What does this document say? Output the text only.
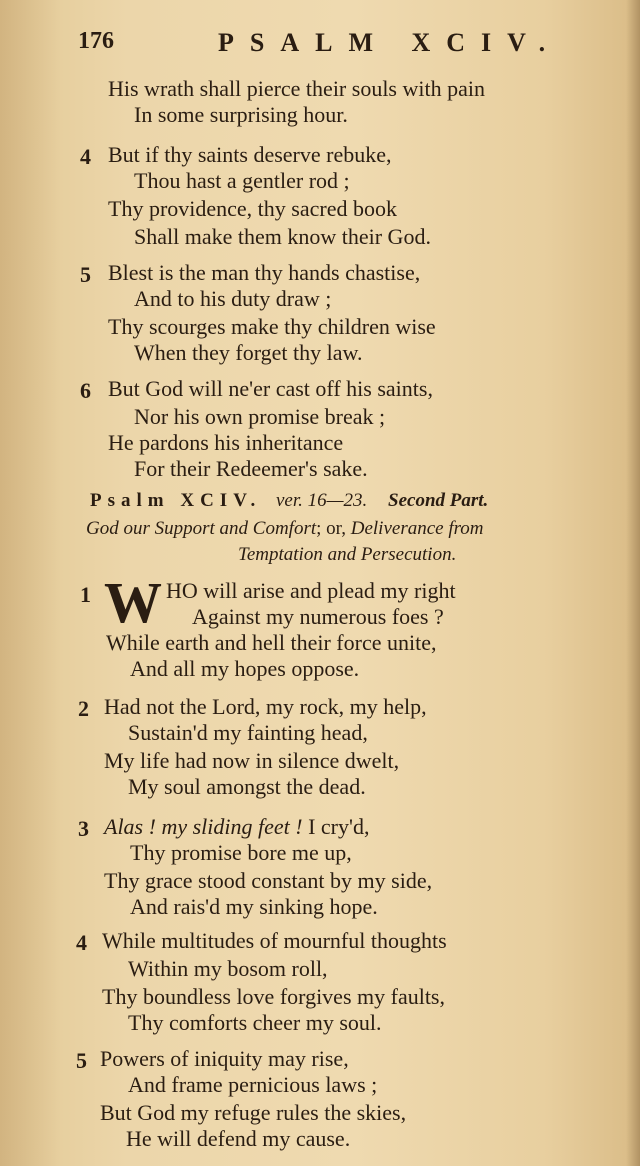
176	PSALM XCIV.
His wrath shall pierce their souls with pain
In some surprising hour.
4 But if thy saints deserve rebuke,
Thou hast a gentler rod ;
Thy providence, thy sacred book
Shall make them know their God.
5 Blest is the man thy hands chastise,
And to his duty draw ;
Thy scourges make thy children wise
When they forget thy law.
6 But God will ne'er cast off his saints,
Nor his own promise break ;
He pardons his inheritance
For their Redeemer's sake.
Psalm XCIV. ver. 16—23. Second Part.
God our Support and Comfort; or, Deliverance from
Temptation and Persecution.
1 W HO will arise and plead my right
Against my numerous foes ?
While earth and hell their force unite,
And all my hopes oppose.
2 Had not the Lord, my rock, my help,
Sustain'd my fainting head,
My life had now in silence dwelt,
My soul amongst the dead.
3 Alas ! my sliding feet ! I cry'd,
Thy promise bore me up,
Thy grace stood constant by my side,
And rais'd my sinking hope.
4 While multitudes of mournful thoughts
Within my bosom roll,
Thy boundless love forgives my faults,
Thy comforts cheer my soul.
5 Powers of iniquity may rise,
And frame pernicious laws ;
But God my refuge rules the skies,
He will defend my cause.
